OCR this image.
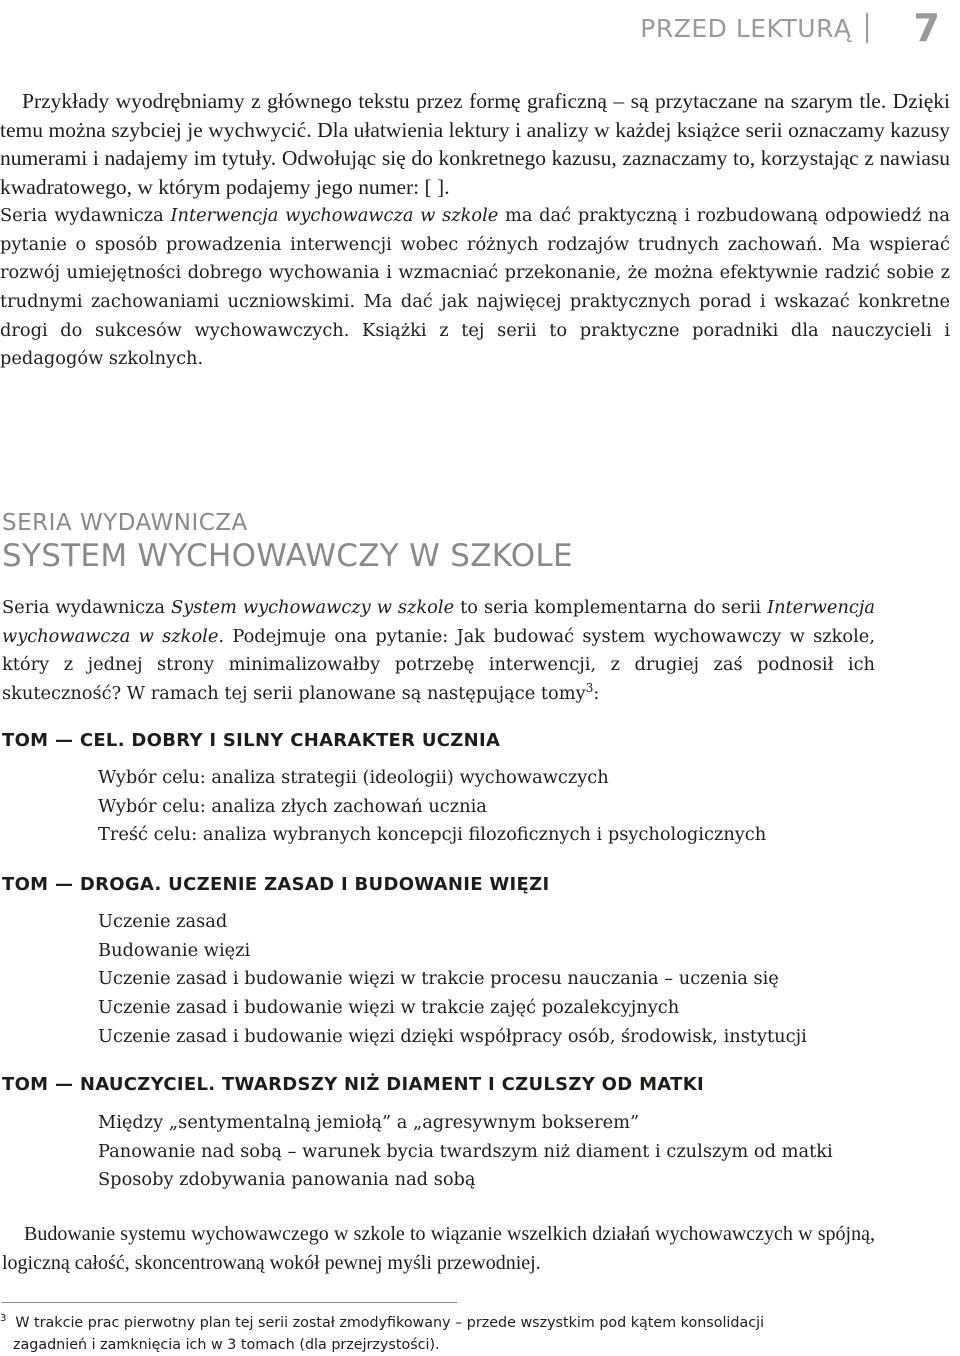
PRZED LEKTURĄ 7

Przykłady wyodrębniamy z głównego tekstu przez formę graficzną – są przytaczane na szarym tle. Dzięki temu można szybciej je wychwycić. Dla ułatwienia lektury i analizy w każdej książce serii oznaczamy kazusy numerami i nadajemy im tytuły. Odwołując się do konkretnego kazusu, zaznaczamy to, korzystając z nawiasu kwadratowego, w którym podajemy jego numer: [ ].

Seria wydawnicza Interwencja wychowawcza w szkole ma dać praktyczną i rozbudowaną odpowiedź na pytanie o sposób prowadzenia interwencji wobec różnych rodzajów trudnych zachowań. Ma wspierać rozwój umiejętności dobrego wychowania i wzmacniać przekonanie, że można efektywnie radzić sobie z trudnymi zachowaniami uczniowskimi. Ma dać jak najwięcej praktycznych porad i wskazać konkretne drogi do sukcesów wychowawczych. Książki z tej serii to praktyczne poradniki dla nauczycieli i pedagogów szkolnych.

SERIA WYDAWNICZA
SYSTEM WYCHOWAWCZY W SZKOLE

Seria wydawnicza System wychowawczy w szkole to seria komplementarna do serii Interwencja wychowawcza w szkole. Podejmuje ona pytanie: Jak budować system wychowawczy w szkole, który z jednej strony minimalizowałby potrzebę interwencji, z drugiej zaś podnosił ich skuteczność? W ramach tej serii planowane są następujące tomy$^3$:

TOM — CEL. DOBRY I SILNY CHARAKTER UCZNIA
Wybór celu: analiza strategii (ideologii) wychowawczych
Wybór celu: analiza złych zachowań ucznia
Treść celu: analiza wybranych koncepcji filozoficznych i psychologicznych
TOM — DROGA. UCZENIE ZASAD I BUDOWANIE WIĘZI
Uczenie zasad
Budowanie więzi
Uczenie zasad i budowanie więzi w trakcie procesu nauczania – uczenia się
Uczenie zasad i budowanie więzi w trakcie zajęć pozalekcyjnych
Uczenie zasad i budowanie więzi dzięki współpracy osób, środowisk, instytucji
TOM — NAUCZYCIEL. TWARDSZY NIŻ DIAMENT I CZULSZY OD MATKI
Między „sentymentalną jemiołą” a „agresywnym bokserem”
Panowanie nad sobą – warunek bycia twardszym niż diament i czulszym od matki
Sposoby zdobywania panowania nad sobą

Budowanie systemu wychowawczego w szkole to wiązanie wszelkich działań wychowawczych w spójną, logiczną całość, skoncentrowaną wokół pewnej myśli przewodniej.

$^3$ W trakcie prac pierwotny plan tej serii został zmodyfikowany – przede wszystkim pod kątem konsolidacji
zagadnień i zamknięcia ich w 3 tomach (dla przejrzystości).
